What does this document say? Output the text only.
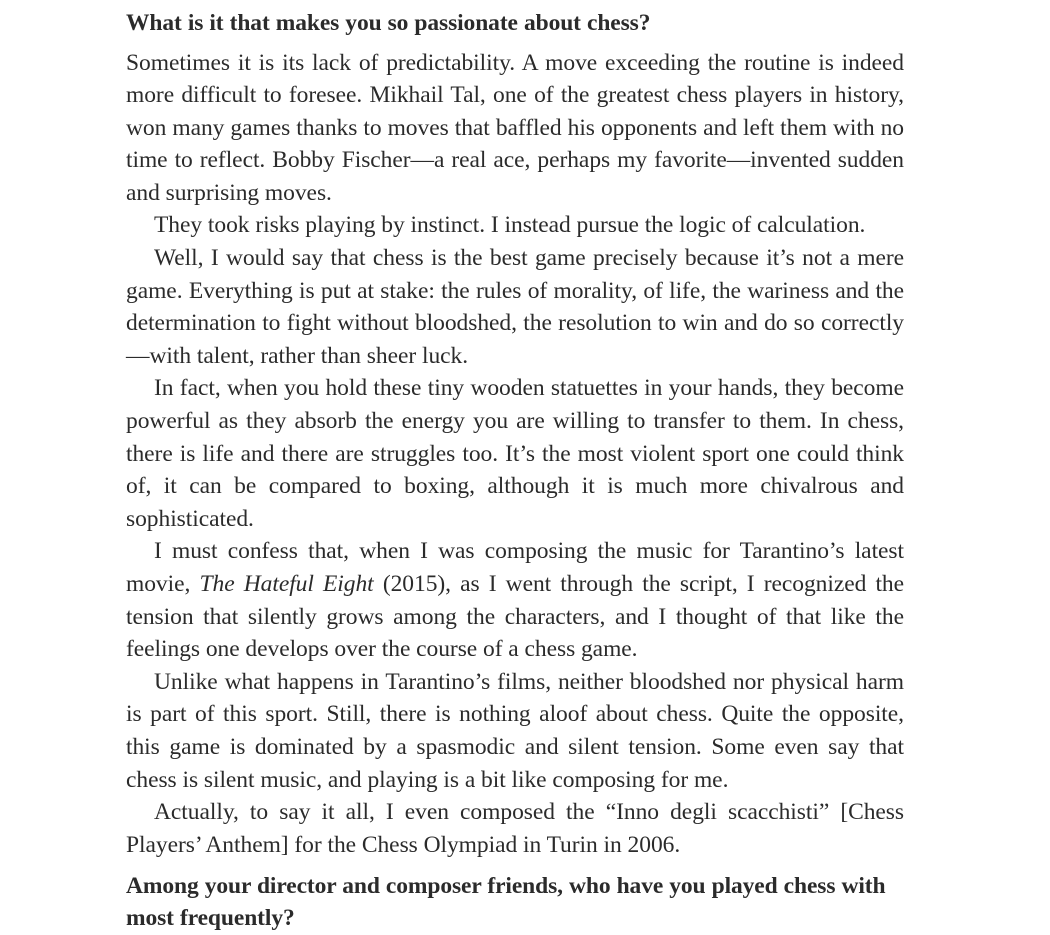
What is it that makes you so passionate about chess?

Sometimes it is its lack of predictability. A move exceeding the routine is indeed more difficult to foresee. Mikhail Tal, one of the greatest chess players in history, won many games thanks to moves that baffled his opponents and left them with no time to reflect. Bobby Fischer—a real ace, perhaps my favorite—invented sudden and surprising moves.

They took risks playing by instinct. I instead pursue the logic of calculation.

Well, I would say that chess is the best game precisely because it’s not a mere game. Everything is put at stake: the rules of morality, of life, the wariness and the determination to fight without bloodshed, the resolution to win and do so correctly—with talent, rather than sheer luck.

In fact, when you hold these tiny wooden statuettes in your hands, they become powerful as they absorb the energy you are willing to transfer to them. In chess, there is life and there are struggles too. It’s the most violent sport one could think of, it can be compared to boxing, although it is much more chivalrous and sophisticated.

I must confess that, when I was composing the music for Tarantino’s latest movie, The Hateful Eight (2015), as I went through the script, I recognized the tension that silently grows among the characters, and I thought of that like the feelings one develops over the course of a chess game.

Unlike what happens in Tarantino’s films, neither bloodshed nor physical harm is part of this sport. Still, there is nothing aloof about chess. Quite the opposite, this game is dominated by a spasmodic and silent tension. Some even say that chess is silent music, and playing is a bit like composing for me.

Actually, to say it all, I even composed the “Inno degli scacchisti” [Chess Players’ Anthem] for the Chess Olympiad in Turin in 2006.

Among your director and composer friends, who have you played chess with most frequently?
